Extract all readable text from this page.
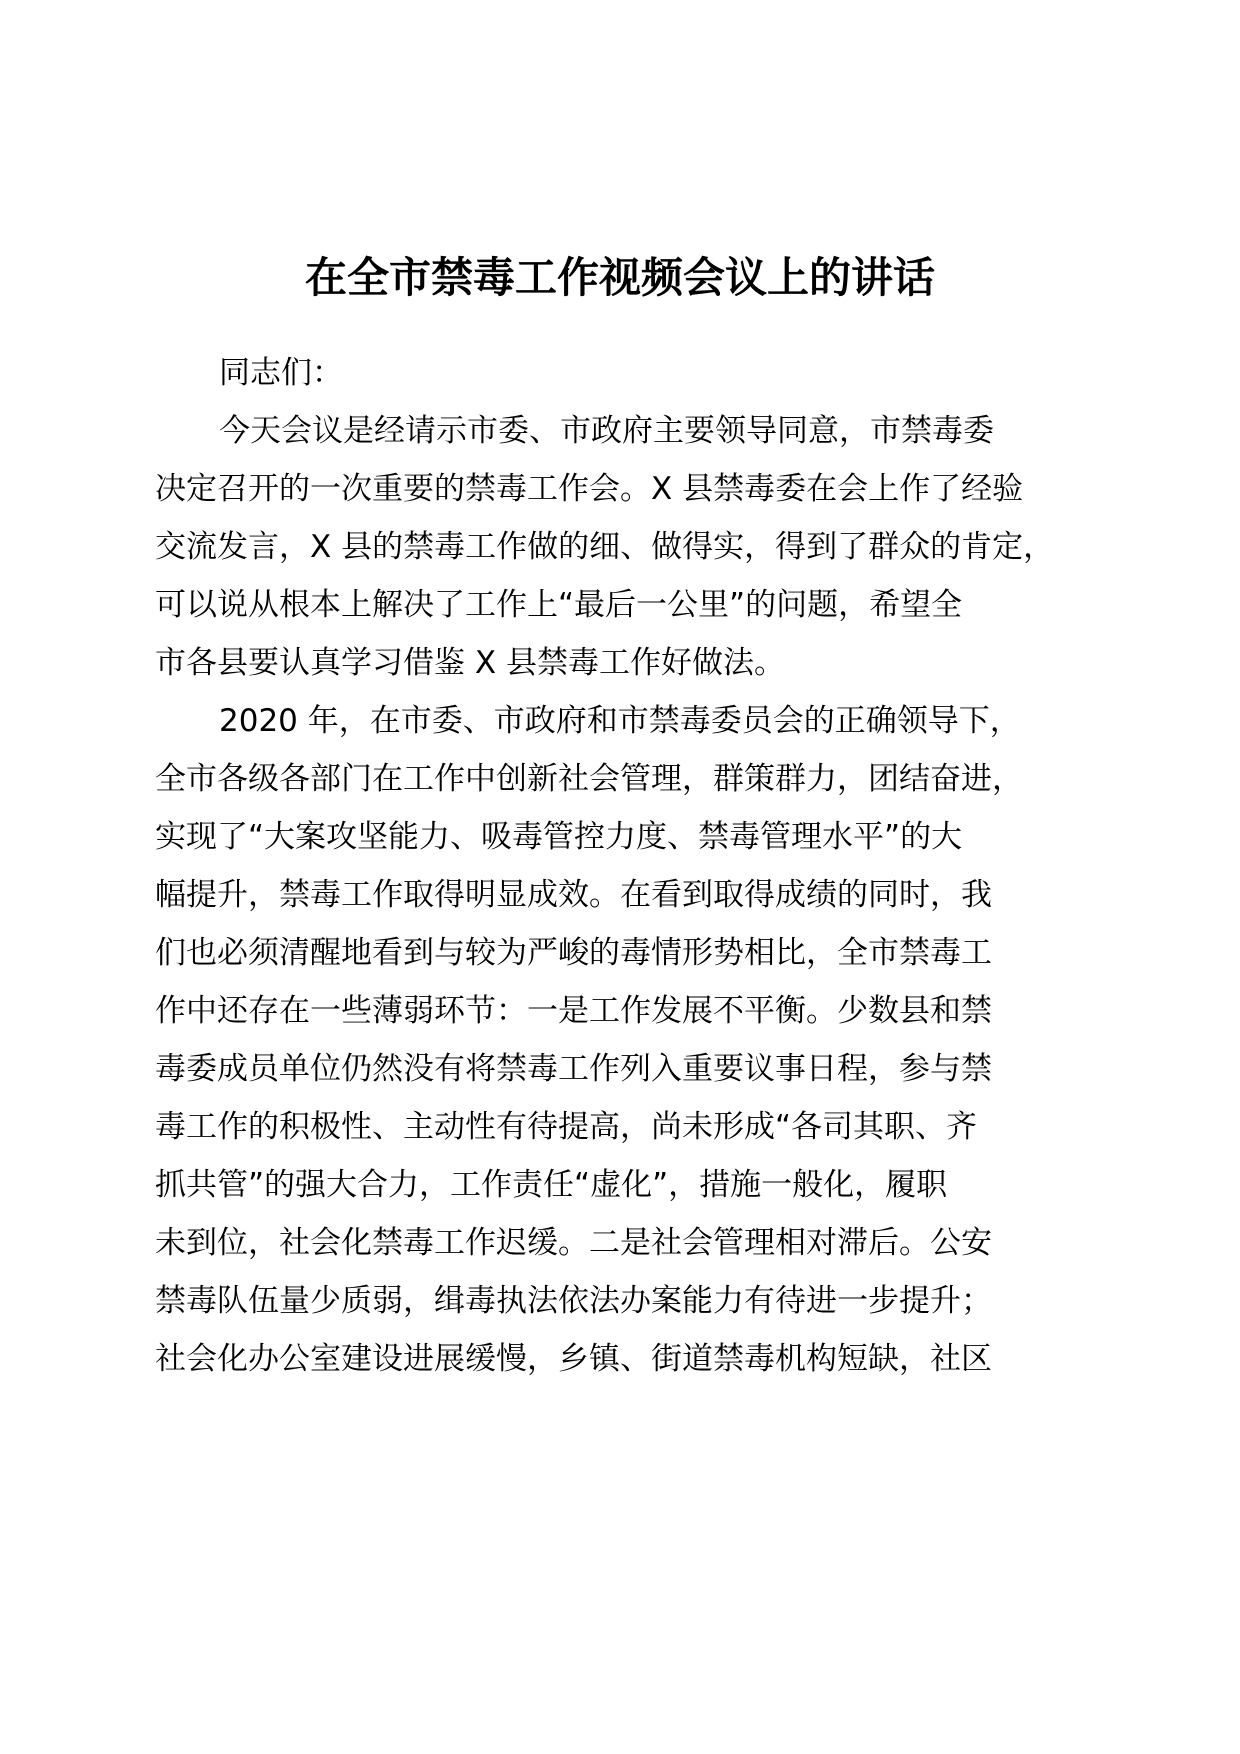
在全市禁毒工作视频会议上的讲话
同志们：
今天会议是经请示市委、市政府主要领导同意，市禁毒委
决定召开的一次重要的禁毒工作会。X 县禁毒委在会上作了经验
交流发言，X 县的禁毒工作做的细、做得实，得到了群众的肯定，
可以说从根本上解决了工作上“最后一公里”的问题，希望全
市各县要认真学习借鉴 X 县禁毒工作好做法。
2020 年，在市委、市政府和市禁毒委员会的正确领导下，
全市各级各部门在工作中创新社会管理，群策群力，团结奋进，
实现了“大案攻坚能力、吸毒管控力度、禁毒管理水平”的大
幅提升，禁毒工作取得明显成效。在看到取得成绩的同时，我
们也必须清醒地看到与较为严峻的毒情形势相比，全市禁毒工
作中还存在一些薄弱环节：一是工作发展不平衡。少数县和禁
毒委成员单位仍然没有将禁毒工作列入重要议事日程，参与禁
毒工作的积极性、主动性有待提高，尚未形成“各司其职、齐
抓共管”的强大合力，工作责任“虚化”，措施一般化，履职
未到位，社会化禁毒工作迟缓。二是社会管理相对滞后。公安
禁毒队伍量少质弱，缉毒执法依法办案能力有待进一步提升；
社会化办公室建设进展缓慢，乡镇、街道禁毒机构短缺，社区
